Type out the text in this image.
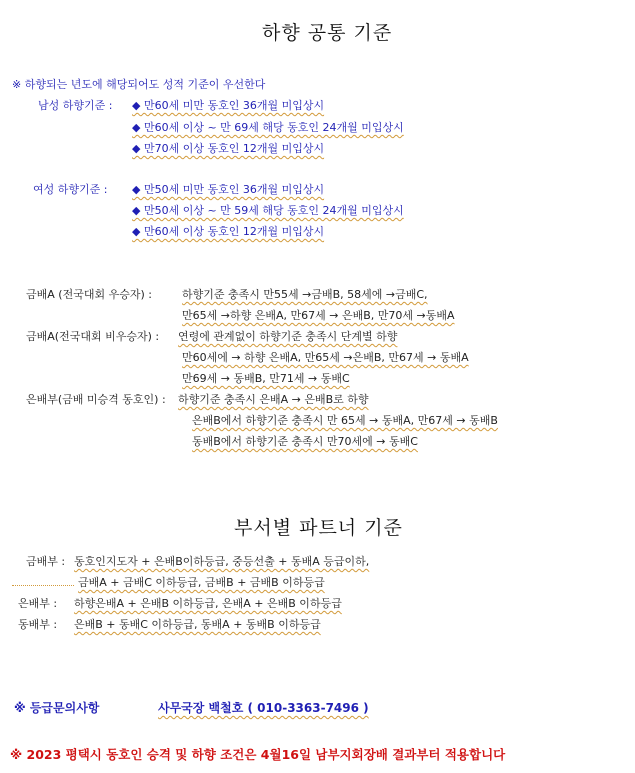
하향 공통 기준
※ 하향되는 년도에 해당되어도 성적 기준이 우선한다
남성 하향기준 : ◆ 만60세 미만 동호인 36개월 미입상시
◆ 만60세 이상 ~ 만 69세 해당 동호인 24개월 미입상시
◆ 만70세 이상 동호인 12개월 미입상시
여성 하향기준 : ◆ 만50세 미만 동호인 36개월 미입상시
◆ 만50세 이상 ~ 만 59세 해당 동호인 24개월 미입상시
◆ 만60세 이상 동호인 12개월 미입상시
금배A (전국대회 우승자) :	하향기준 충족시 만55세 →금배B, 58세에 →금배C,
만65세 →하향 은배A, 만67세 → 은배B, 만70세 →동배A
금배A(전국대회 비우승자) : 연령에 관계없이 하향기준 충족시 단계별 하향
만60세에 → 하향 은배A, 만65세 →은배B, 만67세 → 동배A
만69세 → 동배B, 만71세 → 동배C
은배부(금배 미승격 동호인) : 하향기준 충족시 은배A → 은배B로 하향
은배B에서 하향기준 충족시 만 65세 → 동배A, 만67세 → 동배B
동배B에서 하향기준 충족시 만70세에 → 동배C
부서별 파트너 기준
금배부 : 동호인지도자 + 은배B이하등급, 중등선출 + 동배A 등급이하,
금배A + 금배C 이하등급, 금배B + 금배B 이하등급
은배부 : 하향은배A + 은배B 이하등급, 은배A + 은배B 이하등급
동배부 : 은배B + 동배C 이하등급, 동배A + 동배B 이하등급
※ 등급문의사항	사무국장 백철호 ( 010-3363-7496 )
※ 2023 평택시 동호인 승격 및 하향 조건은 4월16일 남부지회장배 결과부터 적용합니다
